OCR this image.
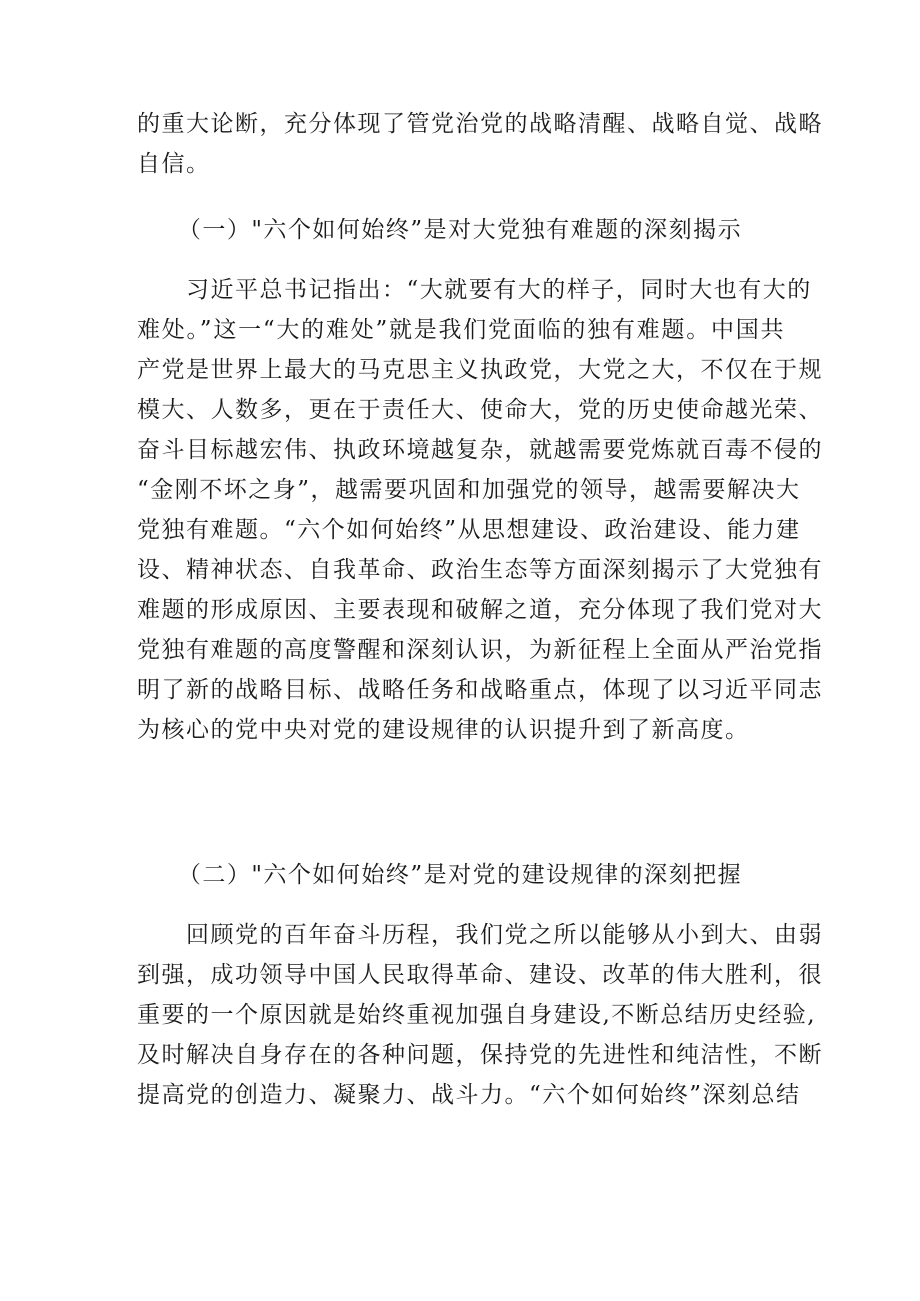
的重大论断，充分体现了管党治党的战略清醒、战略自觉、战略
自信。
（一）"六个如何始终”是对大党独有难题的深刻揭示
　　习近平总书记指出：“大就要有大的样子，同时大也有大的
难处。”这一“大的难处”就是我们党面临的独有难题。中国共
产党是世界上最大的马克思主义执政党，大党之大，不仅在于规
模大、人数多，更在于责任大、使命大，党的历史使命越光荣、
奋斗目标越宏伟、执政环境越复杂，就越需要党炼就百毒不侵的
“金刚不坏之身”，越需要巩固和加强党的领导，越需要解决大
党独有难题。“六个如何始终”从思想建设、政治建设、能力建
设、精神状态、自我革命、政治生态等方面深刻揭示了大党独有
难题的形成原因、主要表现和破解之道，充分体现了我们党对大
党独有难题的高度警醒和深刻认识，为新征程上全面从严治党指
明了新的战略目标、战略任务和战略重点，体现了以习近平同志
为核心的党中央对党的建设规律的认识提升到了新高度。
（二）"六个如何始终”是对党的建设规律的深刻把握
　　回顾党的百年奋斗历程，我们党之所以能够从小到大、由弱
到强，成功领导中国人民取得革命、建设、改革的伟大胜利，很
重要的一个原因就是始终重视加强自身建设,不断总结历史经验,
及时解决自身存在的各种问题，保持党的先进性和纯洁性，不断
提高党的创造力、凝聚力、战斗力。“六个如何始终”深刻总结
